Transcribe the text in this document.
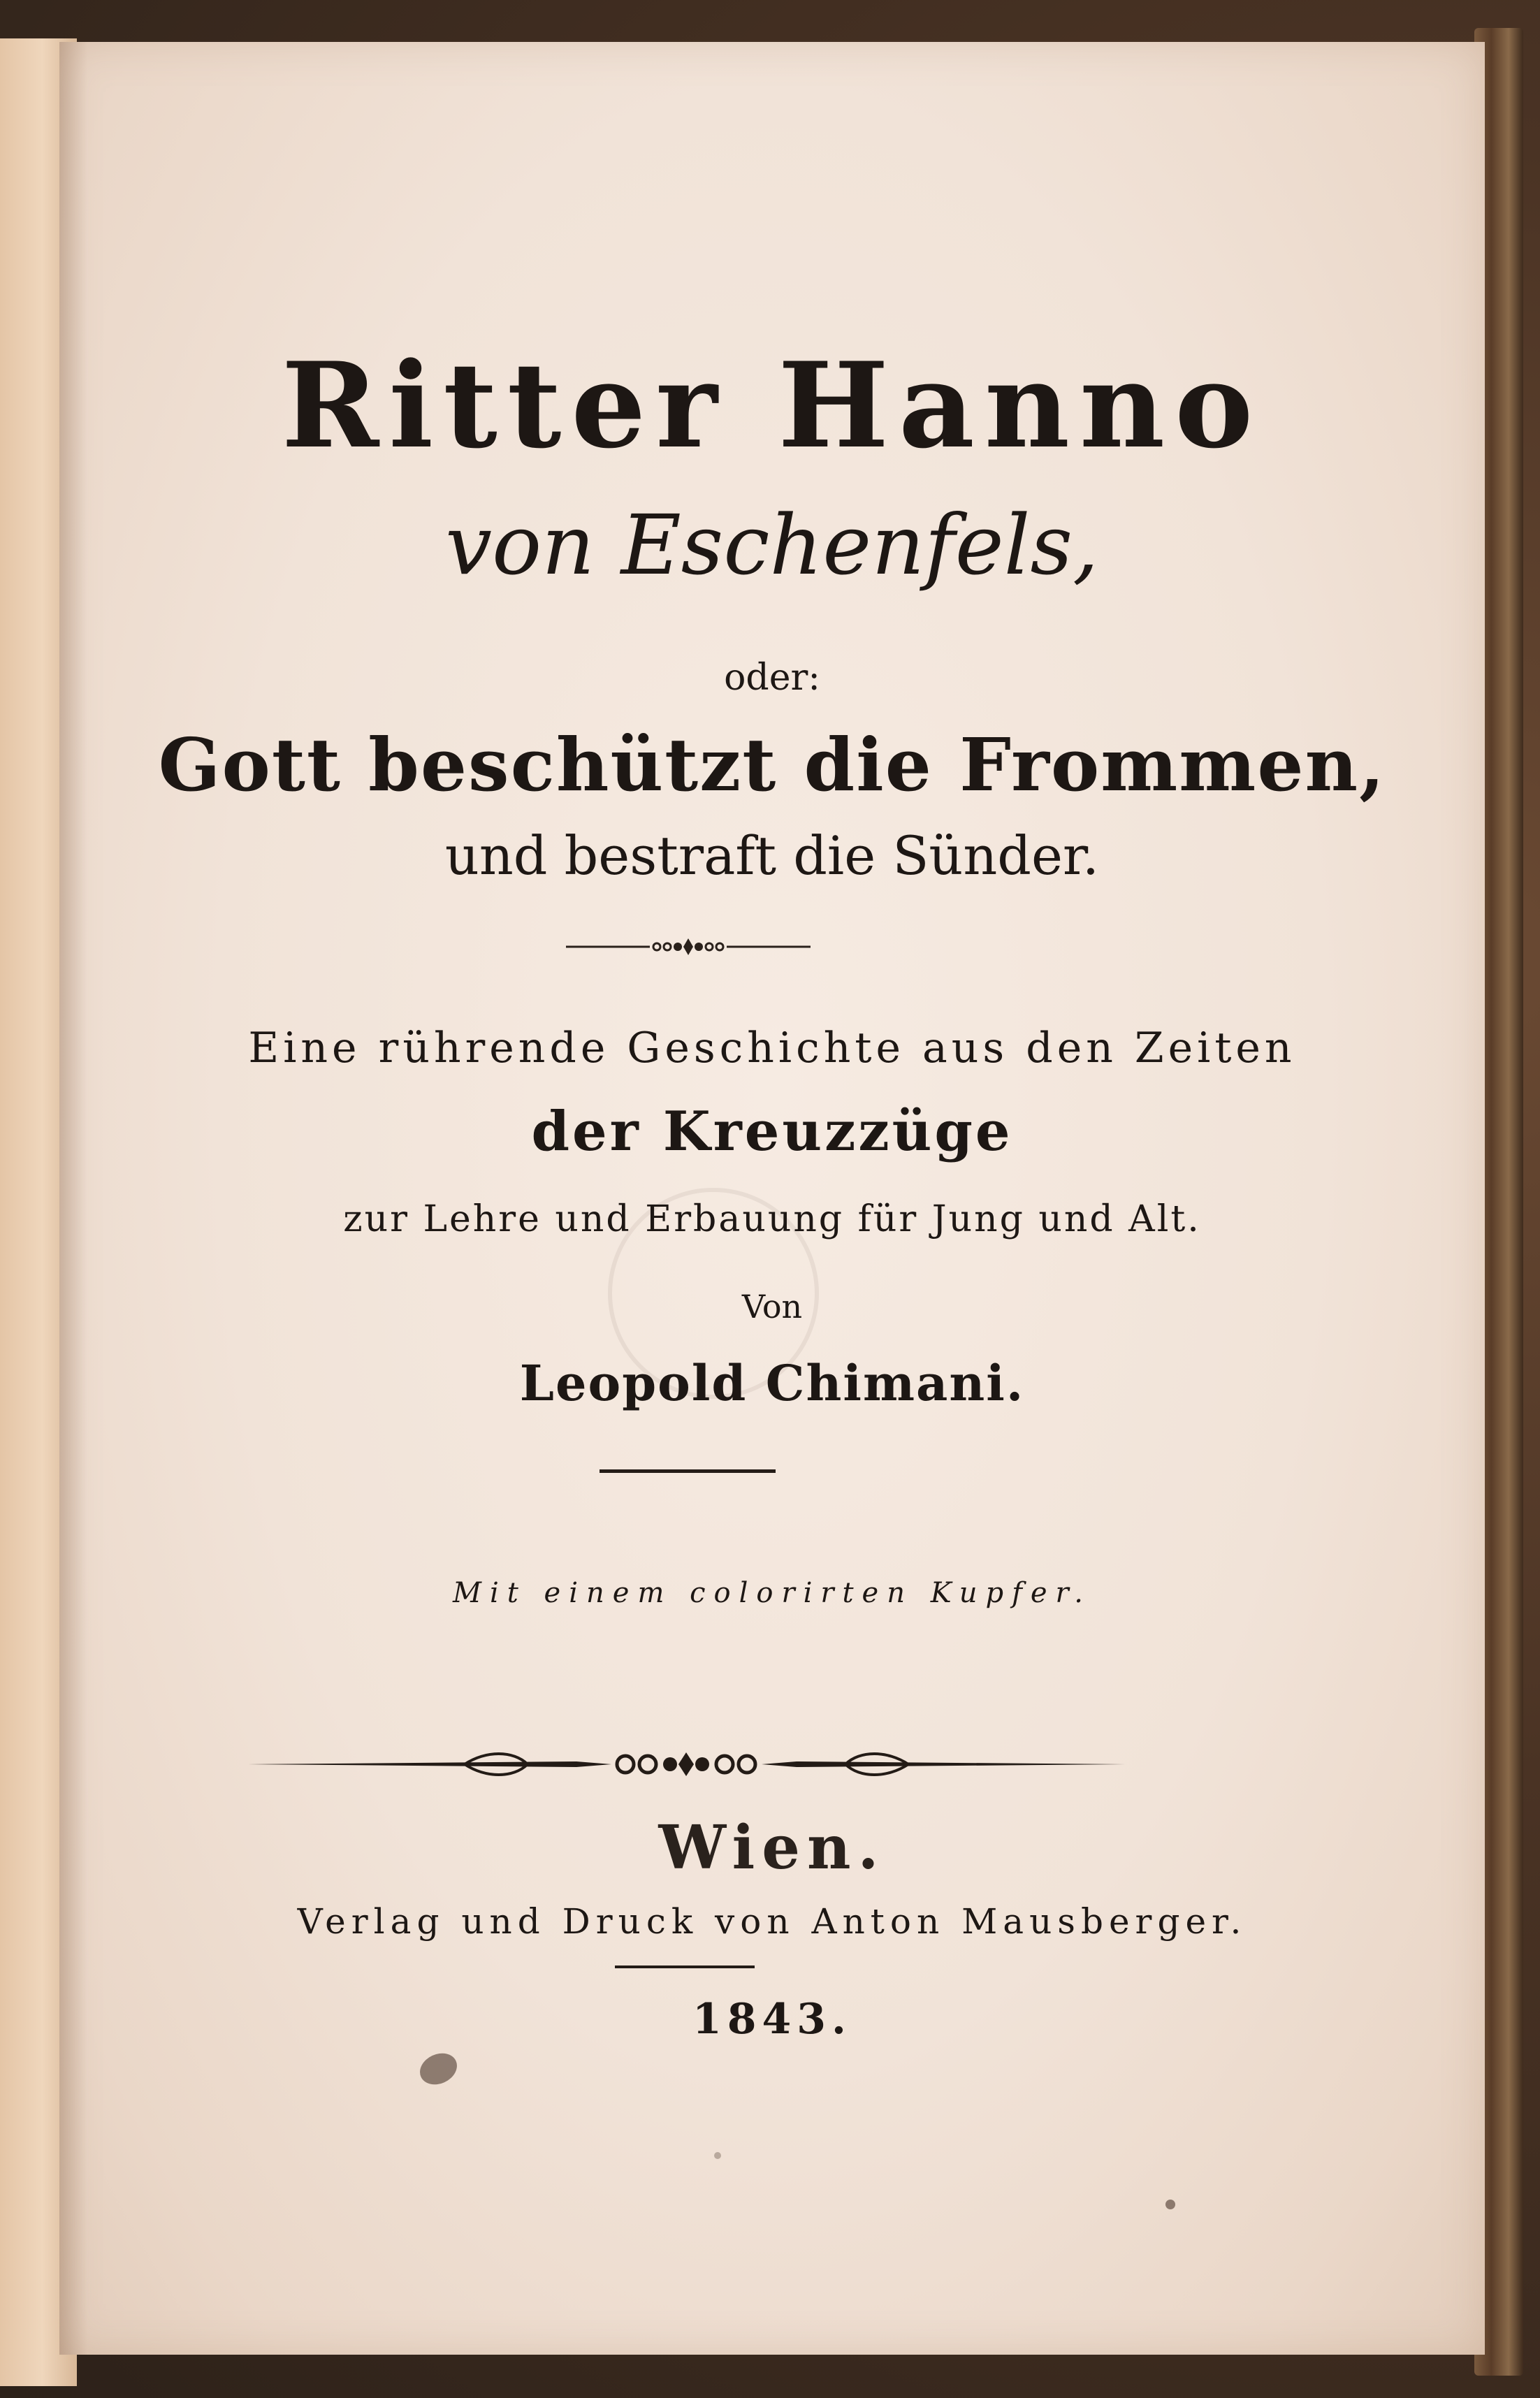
Ritter Hanno
von Eschenfels,
oder:
Gott beschützt die Frommen,
und bestraft die Sünder.
Eine rührende Geschichte aus den Zeiten
der Kreuzzüge
zur Lehre und Erbauung für Jung und Alt.
Von
Leopold Chimani.
Mit einem colorirten Kupfer.
Wien.
Verlag und Druck von Anton Mausberger.
1843.
